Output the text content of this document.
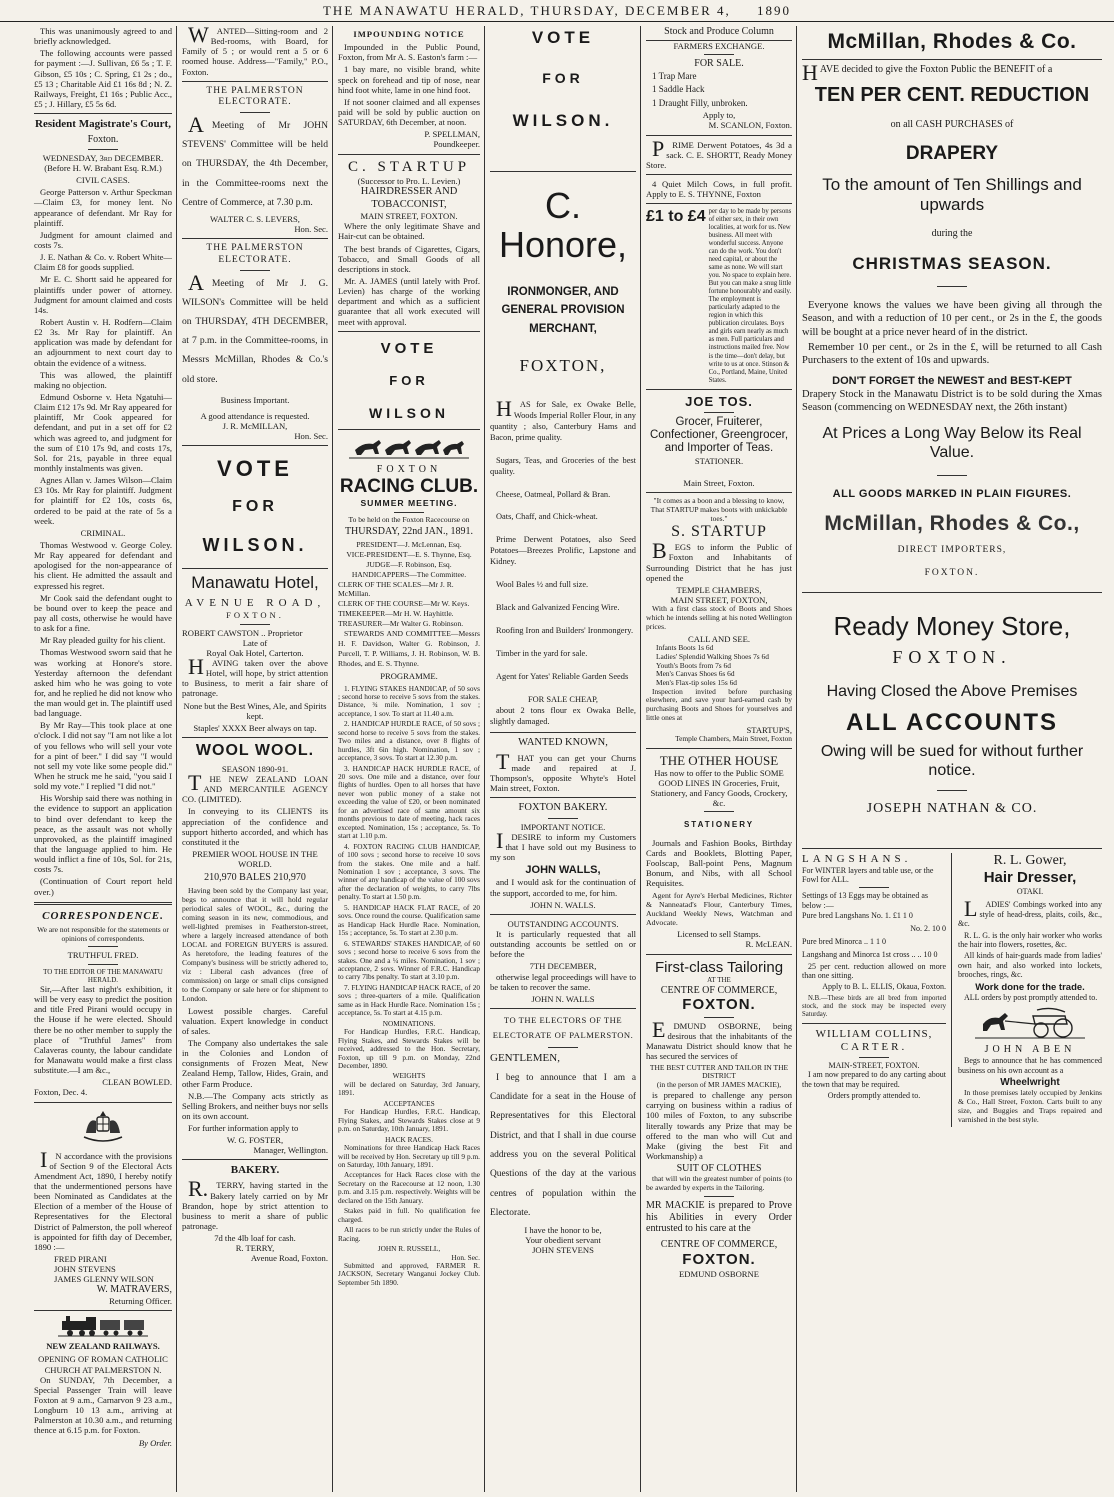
THE MANAWATU HERALD, THURSDAY, DECEMBER 4, 1890

This was unanimously agreed to and briefly acknowledged.

The following accounts were passed for payment :—J. Sullivan, £6 5s ; T. F. Gibson, £5 10s ; C. Spring, £1 2s ; do., £5 13 ; Charitable Aid £1 16s 8d ; N. Z. Railways, Freight, £1 16s ; Public Acc., £5 ; J. Hillary, £5 5s 6d.

Resident Magistrate's Court,
Foxton.
WEDNESDAY, 3rd DECEMBER.
(Before H. W. Brabant Esq. R.M.)
CIVIL CASES.

George Patterson v. Arthur Speckman—Claim £3, for money lent. No appearance of defendant. Mr Ray for plaintiff.

Judgment for amount claimed and costs 7s.

J. E. Nathan & Co. v. Robert White—Claim £8 for goods supplied.

Mr E. C. Shortt said he appeared for plaintiffs under power of attorney. Judgment for amount claimed and costs 14s.

Robert Austin v. H. Rodfern—Claim £2 3s. Mr Ray for plaintiff. An application was made by defendant for an adjournment to next court day to obtain the evidence of a witness.

This was allowed, the plaintiff making no objection.

Edmund Osborne v. Heta Ngatuhi—Claim £12 17s 9d. Mr Ray appeared for plaintiff, Mr Cook appeared for defendant, and put in a set off for £2 which was agreed to, and judgment for the sum of £10 17s 9d, and costs 17s, Sol. for 21s, payable in three equal monthly instalments was given.

Agnes Allan v. James Wilson—Claim £3 10s. Mr Ray for plaintiff. Judgment for plaintiff for £2 10s, costs 6s, ordered to be paid at the rate of 5s a week.

CRIMINAL.

Thomas Westwood v. George Coley. Mr Ray appeared for defendant and apologised for the non-appearance of his client. He admitted the assault and expressed his regret.

Mr Cook said the defendant ought to be bound over to keep the peace and pay all costs, otherwise he would have to ask for a fine.

Mr Ray pleaded guilty for his client.

Thomas Westwood sworn said that he was working at Honore's store. Yesterday afternoon the defendant asked him who he was going to vote for, and he replied he did not know who the man would get in. The plaintiff used bad language.

By Mr Ray—This took place at one o'clock. I did not say "I am not like a lot of you fellows who will sell your vote for a pint of beer." I did say "I would not sell my vote like some people did." When he struck me he said, "you said I sold my vote." I replied "I did not."

His Worship said there was nothing in the evidence to support an application to bind over defendant to keep the peace, as the assault was not wholly unprovoked, as the plaintiff imagined that the language applied to him. He would inflict a fine of 10s, Sol. for 21s, costs 7s.

(Continuation of Court report held over.)

CORRESPONDENCE.
We are not responsible for the statements or opinions of correspondents.
TRUTHFUL FRED.
TO THE EDITOR OF THE MANAWATU HERALD.

Sir,—After last night's exhibition, it will be very easy to predict the position and title Fred Pirani would occupy in the House if he were elected. Should there be no other member to supply the place of "Truthful James" from Calaveras county, the labour candidate for Manawatu would make a first class substitute.—I am &c.,

CLEAN BOWLED.
Foxton, Dec. 4.

IN accordance with the provisions of Section 9 of the Electoral Acts Amendment Act, 1890, I hereby notify that the undermentioned persons have been Nominated as Candidates at the Election of a member of the House of Representatives for the Electoral District of Palmerston, the poll whereof is appointed for fifth day of December, 1890 :—

FRED PIRANI
JOHN STEVENS
JAMES GLENNY WILSON
W. MATRAVERS,
Returning Officer.
NEW ZEALAND RAILWAYS.
OPENING OF ROMAN CATHOLIC CHURCH AT PALMERSTON N.

On SUNDAY, 7th December, a Special Passenger Train will leave Foxton at 9 a.m., Carnarvon 9 23 a.m., Longburn 10 13 a.m., arriving at Palmerston at 10.30 a.m., and returning thence at 6.15 p.m. for Foxton.

By Order.

WANTED—Sitting-room and 2 Bed-rooms, with Board, for Family of 5 ; or would rent a 5 or 6 roomed house. Address—"Family," P.O., Foxton.

THE PALMERSTON ELECTORATE.

AMeeting of Mr JOHN STEVENS' Committee will be held on THURSDAY, the 4th December, in the Committee-rooms next the Centre of Commerce, at 7.30 p.m.

WALTER C. S. LEVERS,
Hon. Sec.
THE PALMERSTON ELECTORATE.

AMeeting of Mr J. G. WILSON's Committee will be held on THURSDAY, 4TH DECEMBER, at 7 p.m. in the Committee-rooms, in Messrs McMillan, Rhodes & Co.'s old store.

Business Important.
A good attendance is requested.
J. R. McMILLAN,
Hon. Sec.
VOTE
FOR
WILSON.
Manawatu Hotel,
AVENUE ROAD,
FOXTON.
ROBERT CAWSTON .. Proprietor
Late of
Royal Oak Hotel, Carterton.

HAVING taken over the above Hotel, will hope, by strict attention to Business, to merit a fair share of patronage.

None but the Best Wines, Ale, and Spirits kept.

Staples' XXXX Beer always on tap.

WOOL WOOL.
SEASON 1890-91.

THE NEW ZEALAND LOAN AND MERCANTILE AGENCY CO. (LIMITED).

In conveying to its CLIENTS its appreciation of the confidence and support hitherto accorded, and which has constituted it the

PREMIER WOOL HOUSE IN THE WORLD.
210,970 BALES 210,970

Having been sold by the Company last year, begs to announce that it will hold regular periodical sales of WOOL, &c., during the coming season in its new, commodious, and well-lighted premises in Featherston-street, where a largely increased attendance of both LOCAL and FOREIGN BUYERS is assured. As heretofore, the leading features of the Company's business will be strictly adhered to, viz : Liberal cash advances (free of commission) on large or small clips consigned to the Company or sale here or for shipment to London.

Lowest possible charges. Careful valuation. Expert knowledge in conduct of sales.

The Company also undertakes the sale in the Colonies and London of consignments of Frozen Meat, New Zealand Hemp, Tallow, Hides, Grain, and other Farm Produce.

N.B.—The Company acts strictly as Selling Brokers, and neither buys nor sells on its own account.

For further information apply to

W. G. FOSTER,
Manager, Wellington.
BAKERY.

R.TERRY, having started in the Bakery lately carried on by Mr Brandon, hope by strict attention to business to merit a share of public patronage.

7d the 4lb loaf for cash.
R. TERRY,
Avenue Road, Foxton.
IMPOUNDING NOTICE

Impounded in the Public Pound, Foxton, from Mr A. S. Easton's farm :—

1 bay mare, no visible brand, white speck on forehead and tip of nose, near hind foot white, lame in one hind foot.

If not sooner claimed and all expenses paid will be sold by public auction on SATURDAY, 6th December, at noon.

P. SPELLMAN,
Poundkeeper.
C. STARTUP
(Successor to Pro. L. Levien.)
HAIRDRESSER AND TOBACCONIST,
MAIN STREET, FOXTON.

Where the only legitimate Shave and Hair-cut can be obtained.

The best brands of Cigarettes, Cigars, Tobacco, and Small Goods of all descriptions in stock.

Mr. A. JAMES (until lately with Prof. Levien) has charge of the working department and which as a sufficient guarantee that all work executed will meet with approval.

VOTE
FOR
WILSON
FOXTON
RACING CLUB.
SUMMER MEETING.
To be held on the Foxton Racecourse on
THURSDAY, 22nd JAN., 1891.
PRESIDENT—J. McLennan, Esq.
VICE-PRESIDENT—E. S. Thynne, Esq.
JUDGE—F. Robinson, Esq.
HANDICAPPERS—The Committee.
CLERK OF THE SCALES—Mr J. R. McMillan.
CLERK OF THE COURSE—Mr W. Keys.
TIMEKEEPER—Mr H. W. Hayhittle.
TREASURER—Mr Walter G. Robinson.

STEWARDS AND COMMITTEE—Messrs H. F. Davidson, Walter G. Robinson, J. Purcell, T. P. Williams, J. H. Robinson, W. B. Rhodes, and E. S. Thynne.

PROGRAMME.

1. FLYING STAKES HANDICAP, of 50 sovs ; second horse to receive 5 sovs from the stakes. Distance, ¾ mile. Nomination, 1 sov ; acceptance, 1 sov. To start at 11.40 a.m.

2. HANDICAP HURDLE RACE, of 50 sovs ; second horse to receive 5 sovs from the stakes. Two miles and a distance, over 8 flights of hurdles, 3ft 6in high. Nomination, 1 sov ; acceptance, 3 sovs. To start at 12.30 p.m.

3. HANDICAP HACK HURDLE RACE, of 20 sovs. One mile and a distance, over four flights of hurdles. Open to all horses that have never won public money of a stake not exceeding the value of £20, or been nominated for an advertised race of same amount six months previous to date of meeting, hack races excepted. Nomination, 15s ; acceptance, 5s. To start at 1.10 p.m.

4. FOXTON RACING CLUB HANDICAP, of 100 sovs ; second horse to receive 10 sovs from the stakes. One mile and a half. Nomination 1 sov ; acceptance, 3 sovs. The winner of any handicap of the value of 100 sovs after the declaration of weights, to carry 7lbs penalty. To start at 1.50 p.m.

5. HANDICAP HACK FLAT RACE, of 20 sovs. Once round the course. Qualification same as Handicap Hack Hurdle Race. Nomination, 15s ; acceptance, 5s. To start at 2.30 p.m.

6. STEWARDS' STAKES HANDICAP, of 60 sovs ; second horse to receive 6 sovs from the stakes. One and a ¼ miles. Nomination, 1 sov ; acceptance, 2 sovs. Winner of F.R.C. Handicap to carry 7lbs penalty. To start at 3.10 p.m.

7. FLYING HANDICAP HACK RACE, of 20 sovs ; three-quarters of a mile. Qualification same as in Hack Hurdle Race. Nomination 15s ; acceptance, 5s. To start at 4.15 p.m.

NOMINATIONS.

For Handicap Hurdles, F.R.C. Handicap, Flying Stakes, and Stewards Stakes will be received, addressed to the Hon. Secretary, Foxton, up till 9 p.m. on Monday, 22nd December, 1890.

WEIGHTS

will be declared on Saturday, 3rd January, 1891.

ACCEPTANCES

For Handicap Hurdles, F.R.C. Handicap, Flying Stakes, and Stewards Stakes close at 9 p.m. on Saturday, 10th January, 1891.

HACK RACES.

Nominations for three Handicap Hack Races will be received by Hon. Secretary up till 9 p.m. on Saturday, 10th January, 1891.

Acceptances for Hack Races close with the Secretary on the Racecourse at 12 noon, 1.30 p.m. and 3.15 p.m. respectively. Weights will be declared on the 15th January.

Stakes paid in full. No qualification fee charged.

All races to be run strictly under the Rules of Racing.

JOHN R. RUSSELL,
Hon. Sec.

Submitted and approved, FARMER R. JACKSON, Secretary Wanganui Jockey Club. September 5th 1890.

VOTE
FOR
WILSON.
C. Honore,
IRONMONGER, AND GENERAL PROVISION MERCHANT,
FOXTON,

HAS for Sale, ex Owake Belle, Woods Imperial Roller Flour, in any quantity ; also, Canterbury Hams and Bacon, prime quality.

Sugars, Teas, and Groceries of the best quality.

Cheese, Oatmeal, Pollard & Bran.

Oats, Chaff, and Chick-wheat.

Prime Derwent Potatoes, also Seed Potatoes—Breezes Prolific, Lapstone and Kidney.

Wool Bales ½ and full size.

Black and Galvanized Fencing Wire.

Roofing Iron and Builders' Ironmongery.

Timber in the yard for sale.

Agent for Yates' Reliable Garden Seeds

FOR SALE CHEAP,

about 2 tons flour ex Owaka Belle, slightly damaged.

WANTED KNOWN,

THAT you can get your Churns made and repaired at J. Thompson's, opposite Whyte's Hotel Main street, Foxton.

FOXTON BAKERY.
IMPORTANT NOTICE.

IDESIRE to inform my Customers that I have sold out my Business to my son

JOHN WALLS,

and I would ask for the continuation of the support, accorded to me, for him.

JOHN N. WALLS.
OUTSTANDING ACCOUNTS.

It is particularly requested that all outstanding accounts be settled on or before the

7TH DECEMBER,

otherwise legal proceedings will have to be taken to recover the same.

JOHN N. WALLS
TO THE ELECTORS OF THE ELECTORATE OF PALMERSTON.
GENTLEMEN,

I beg to announce that I am a Candidate for a seat in the House of Representatives for this Electoral District, and that I shall in due course address you on the several Political Questions of the day at the various centres of population within the Electorate.

I have the honor to be,
Your obedient servant
JOHN STEVENS
Stock and Produce Column
FARMERS EXCHANGE.
FOR SALE.
1 Trap Mare
1 Saddle Hack
1 Draught Filly, unbroken.
Apply to,
M. SCANLON, Foxton.

PRIME Derwent Potatoes, 4s 3d a sack. C. E. SHORTT, Ready Money Store.

4 Quiet Milch Cows, in full profit. Apply to E. S. THYNNE, Foxton

£1 to £4 per day to be made by persons of either sex, in their own localities, at work for us. New business. All meet with wonderful success. Anyone can do the work. You don't need capital, or about the same as none. We will start you. No space to explain here. But you can make a snug little fortune honourably and easily. The employment is particularly adapted to the region in which this publication circulates. Boys and girls earn nearly as much as men. Full particulars and instructions mailed free. Now is the time—don't delay, but write to us at once. Stinson & Co., Portland, Maine, United States.
JOE TOS.
Grocer, Fruiterer, Confectioner, Greengrocer, and Importer of Teas.
STATIONER.
Main Street, Foxton.
"It comes as a boon and a blessing to know, That STARTUP makes boots with unkickable toes."
S. STARTUP

BEGS to inform the Public of Foxton and Inhabitants of Surrounding District that he has just opened the

TEMPLE CHAMBERS,
MAIN STREET, FOXTON,

With a first class stock of Boots and Shoes which he intends selling at his noted Wellington prices.

CALL AND SEE.
Infants Boots 1s 6d
Ladies' Splendid Walking Shoes 7s 6d
Youth's Boots from 7s 6d
Men's Canvas Shoes 6s 6d
Men's Flax-tip soles 15s 6d

Inspection invited before purchasing elsewhere, and save your hard-earned cash by purchasing Boots and Shoes for yourselves and little ones at

STARTUP'S,
Temple Chambers, Main Street, Foxton
THE OTHER HOUSE
Has now to offer to the Public SOME GOOD LINES IN Groceries, Fruit, Stationery, and Fancy Goods, Crockery, &c.
STATIONERY

Journals and Fashion Books, Birthday Cards and Booklets, Blotting Paper, Foolscap, Ball-point Pens, Magnum Bonum, and Nibs, with all School Requisites.

Agent for Ayre's Herbal Medicines, Richter & Nanneatad's Flour, Canterbury Times, Auckland Weekly News, Watchman and Advocate.

Licensed to sell Stamps.
R. McLEAN.
First-class Tailoring
AT THE
CENTRE OF COMMERCE,
FOXTON.

EDMUND OSBORNE, being desirous that the inhabitants of the Manawatu District should know that he has secured the services of

THE BEST CUTTER AND TAILOR IN THE DISTRICT
(in the person of MR JAMES MACKIE),

is prepared to challenge any person carrying on business within a radius of 100 miles of Foxton, to any subscribe literally towards any Prize that may be offered to the man who will Cut and Make (giving the best Fit and Workmanship) a

SUIT OF CLOTHES

that will win the greatest number of points (to be awarded by experts in the Tailoring.

MR MACKIE is prepared to Prove his Abilities in every Order entrusted to his care at the

CENTRE OF COMMERCE,
FOXTON.
EDMUND OSBORNE
McMillan, Rhodes & Co.

HAVE decided to give the Foxton Public the BENEFIT of a

TEN PER CENT. REDUCTION
on all CASH PURCHASES of
DRAPERY
To the amount of Ten Shillings and upwards
during the
CHRISTMAS SEASON.

Everyone knows the values we have been giving all through the Season, and with a reduction of 10 per cent., or 2s in the £, the goods will be bought at a price never heard of in the district.

Remember 10 per cent., or 2s in the £, will be returned to all Cash Purchasers to the extent of 10s and upwards.

DON'T FORGET the NEWEST and BEST-KEPT

Drapery Stock in the Manawatu District is to be sold during the Xmas Season (commencing on WEDNESDAY next, the 26th instant)

At Prices a Long Way Below its Real Value.
ALL GOODS MARKED IN PLAIN FIGURES.
McMillan, Rhodes & Co.,
DIRECT IMPORTERS,
FOXTON.
Ready Money Store,
FOXTON.
Having Closed the Above Premises
ALL ACCOUNTS
Owing will be sued for without further notice.
JOSEPH NATHAN & CO.
LANGSHANS.
For WINTER layers and table use, or the Fowl for ALL.
Settings of 13 Eggs may be obtained as below :—
Pure bred Langshans No. 1. £1 1 0
No. 2. 10 0
Pure bred Minorca .. 1 1 0
Langshang and Minorca 1st cross .. .. 10 0

25 per cent. reduction allowed on more than one sitting.

Apply to B. L. ELLIS, Okaua, Foxton.

N.B.—These birds are all bred from imported stock, and the stock may be inspected every Saturday.

WILLIAM COLLINS,
CARTER.
MAIN-STREET, FOXTON.

I am now prepared to do any carting about the town that may be required.

Orders promptly attended to.
R. L. Gower,
Hair Dresser,
OTAKI.

LADIES' Combings worked into any style of head-dress, plaits, coils, &c., &c.

R. L. G. is the only hair worker who works the hair into flowers, rosettes, &c.

All kinds of hair-guards made from ladies' own hair, and also worked into lockets, brooches, rings, &c.

Work done for the trade.

ALL orders by post promptly attended to.

JOHN ABEN

Begs to announce that he has commenced business on his own account as a

Wheelwright

In those premises lately occupied by Jenkins & Co., Hall Street, Foxton. Carts built to any size, and Buggies and Traps repaired and varnished in the best style.
